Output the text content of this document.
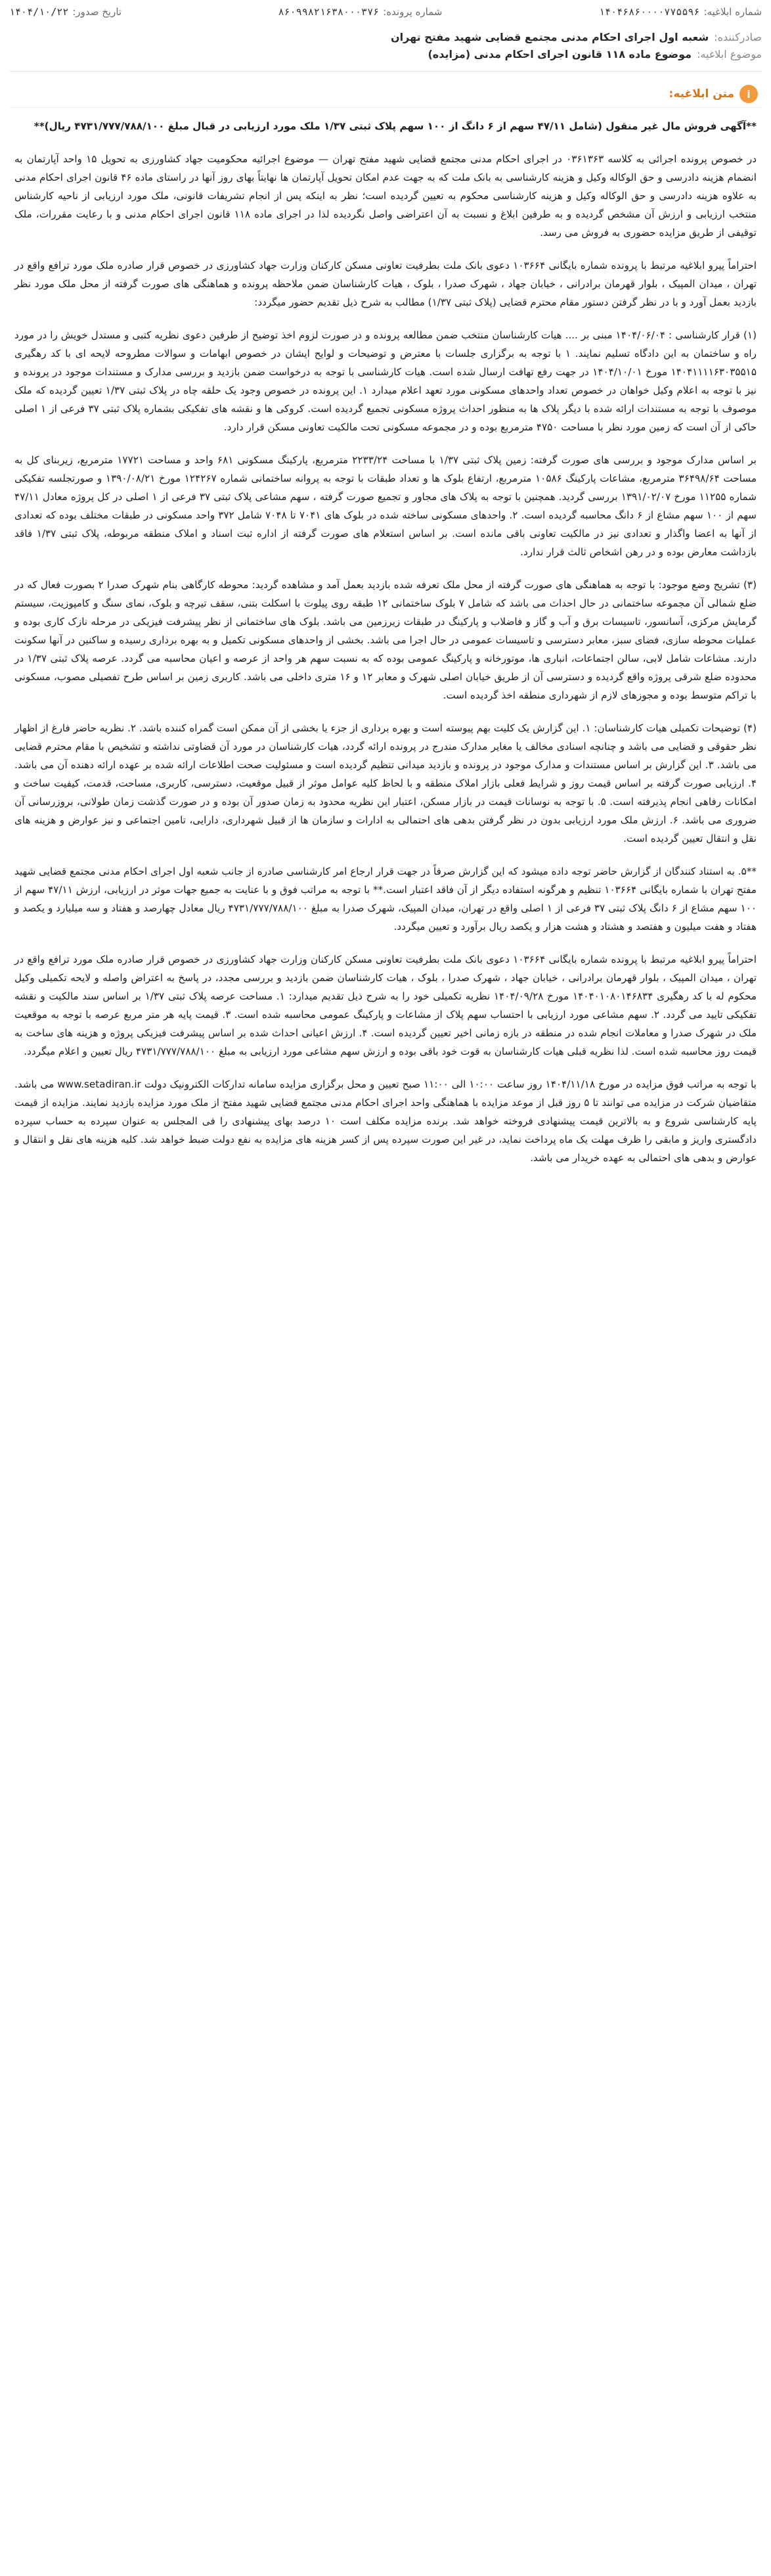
شماره ابلاغیه:
۱۴۰۴۶۸۶۰۰۰۰۷۷۵۵۹۶
شماره پرونده:
۸۶۰۹۹۸۲۱۶۳۸۰۰۰۳۷۶
تاریخ صدور:
۱۴۰۴/۱۰/۲۲
صادرکننده:
شعبه اول اجرای احکام مدنی مجتمع قضایی شهید مفتح تهران
موضوع ابلاغیه:
موضوع ماده ۱۱۸ قانون اجرای احکام مدنی (مزایده)
i
متن ابلاغیه:

**آگهی فروش مال غیر منقول (شامل ۴۷/۱۱ سهم از ۶ دانگ از ۱۰۰ سهم پلاک ثبتی ۱/۳۷ ملک مورد ارزیابی در قبال مبلغ ۴۷۳۱/۷۷۷/۷۸۸/۱۰۰ ریال)**

در خصوص پرونده اجرائی به کلاسه ۰۳۶۱۳۶۳ در اجرای احکام مدنی مجتمع قضایی شهید مفتح تهران — موضوع اجرائیه محکومیت جهاد کشاورزی به تحویل ۱۵ واحد آپارتمان به انضمام هزینه دادرسی و حق الوکاله وکیل و هزینه کارشناسی به بانک ملت که به جهت عدم امکان تحویل آپارتمان ها نهایتاً بهای روز آنها در راستای ماده ۴۶ قانون اجرای احکام مدنی به علاوه هزینه دادرسی و حق الوکاله وکیل و هزینه کارشناسی محکوم به تعیین گردیده است؛ نظر به اینکه پس از انجام تشریفات قانونی، ملک مورد ارزیابی از ناحیه کارشناس منتخب ارزیابی و ارزش آن مشخص گردیده و به طرفین ابلاغ و نسبت به آن اعتراضی واصل نگردیده لذا در اجرای ماده ۱۱۸ قانون اجرای احکام مدنی و با رعایت مقررات، ملک توقیفی از طریق مزایده حضوری به فروش می رسد.

احتراماً پیرو ابلاغیه مرتبط با پرونده شماره بایگانی ۱۰۳۶۶۴ دعوی بانک ملت بطرفیت تعاونی مسکن کارکنان وزارت جهاد کشاورزی در خصوص قرار صادره ملک مورد ترافع واقع در تهران ، میدان المپیک ، بلوار قهرمان برادرانی ، خیابان جهاد ، شهرک صدرا ، بلوک ، هیات کارشناسان ضمن ملاحظه پرونده و هماهنگی های صورت گرفته از محل ملک مورد نظر بازدید بعمل آورد و با در نظر گرفتن دستور مقام محترم قضایی (پلاک ثبتی ۱/۳۷) مطالب به شرح ذیل تقدیم حضور میگردد:

(۱) قرار کارشناسی : ۱۴۰۴/۰۶/۰۴ مبنی بر .... هیات کارشناسان منتخب ضمن مطالعه پرونده و در صورت لزوم اخذ توضیح از طرفین دعوی نظریه کتبی و مستدل خویش را در مورد راه و ساختمان به این دادگاه تسلیم نمایند. ۱ با توجه به برگزاری جلسات با معترض و توضیحات و لوایح ایشان در خصوص ابهامات و سوالات مطروحه لایحه ای با کد رهگیری ۱۴۰۴۱۱۱۱۶۳۰۳۵۵۱۵ مورخ ۱۴۰۴/۱۰/۰۱ در جهت رفع تهافت ارسال شده است. هیات کارشناسی با توجه به درخواست ضمن بازدید و بررسی مدارک و مستندات موجود در پرونده و نیز با توجه به اعلام وکیل خواهان در خصوص تعداد واحدهای مسکونی مورد تعهد اعلام میدارد ۱. این پرونده در خصوص وجود یک حلقه چاه در پلاک ثبتی ۱/۳۷ تعیین گردیده که ملک موصوف با توجه به مستندات ارائه شده با دیگر پلاک ها به منظور احداث پروژه مسکونی تجمیع گردیده است. کروکی ها و نقشه های تفکیکی بشماره پلاک ثبتی ۳۷ فرعی از ۱ اصلی حاکی از آن است که زمین مورد نظر با مساحت ۴۷۵۰ مترمربع بوده و در مجموعه مسکونی تحت مالکیت تعاونی مسکن قرار دارد.

بر اساس مدارک موجود و بررسی های صورت گرفته: زمین پلاک ثبتی ۱/۳۷ با مساحت ۲۲۳۳/۲۴ مترمربع، پارکینگ مسکونی ۶۸۱ واحد و مساحت ۱۷۷۲۱ مترمربع، زیربنای کل به مساحت ۳۶۴۹۸/۶۴ مترمربع، مشاعات پارکینگ ۱۰۵۸۶ مترمربع، ارتفاع بلوک ها و تعداد طبقات با توجه به پروانه ساختمانی شماره ۱۲۴۲۶۷ مورخ ۱۳۹۰/۰۸/۲۱ و صورتجلسه تفکیکی شماره ۱۱۲۵۵ مورخ ۱۳۹۱/۰۲/۰۷ بررسی گردید. همچنین با توجه به پلاک های مجاور و تجمیع صورت گرفته ، سهم مشاعی پلاک ثبتی ۳۷ فرعی از ۱ اصلی در کل پروژه معادل ۴۷/۱۱ سهم از ۱۰۰ سهم مشاع از ۶ دانگ محاسبه گردیده است. ۲. واحدهای مسکونی ساخته شده در بلوک های ۷۰۴۱ تا ۷۰۴۸ شامل ۳۷۲ واحد مسکونی در طبقات مختلف بوده که تعدادی از آنها به اعضا واگذار و تعدادی نیز در مالکیت تعاونی باقی مانده است. بر اساس استعلام های صورت گرفته از اداره ثبت اسناد و املاک منطقه مربوطه، پلاک ثبتی ۱/۳۷ فاقد بازداشت معارض بوده و در رهن اشخاص ثالث قرار ندارد.

(۳) تشریح وضع موجود: با توجه به هماهنگی های صورت گرفته از محل ملک تعرفه شده بازدید بعمل آمد و مشاهده گردید: محوطه کارگاهی بنام شهرک صدرا ۲ بصورت فعال که در ضلع شمالی آن مجموعه ساختمانی در حال احداث می باشد که شامل ۷ بلوک ساختمانی ۱۲ طبقه روی پیلوت با اسکلت بتنی، سقف تیرچه و بلوک، نمای سنگ و کامپوزیت، سیستم گرمایش مرکزی، آسانسور، تاسیسات برق و آب و گاز و فاضلاب و پارکینگ در طبقات زیرزمین می باشد. بلوک های ساختمانی از نظر پیشرفت فیزیکی در مرحله نازک کاری بوده و عملیات محوطه سازی، فضای سبز، معابر دسترسی و تاسیسات عمومی در حال اجرا می باشد. بخشی از واحدهای مسکونی تکمیل و به بهره برداری رسیده و ساکنین در آنها سکونت دارند. مشاعات شامل لابی، سالن اجتماعات، انباری ها، موتورخانه و پارکینگ عمومی بوده که به نسبت سهم هر واحد از عرصه و اعیان محاسبه می گردد. عرصه پلاک ثبتی ۱/۳۷ در محدوده ضلع شرقی پروژه واقع گردیده و دسترسی آن از طریق خیابان اصلی شهرک و معابر ۱۲ و ۱۶ متری داخلی می باشد. کاربری زمین بر اساس طرح تفصیلی مصوب، مسکونی با تراکم متوسط بوده و مجوزهای لازم از شهرداری منطقه اخذ گردیده است.

(۴) توضیحات تکمیلی هیات کارشناسان: ۱. این گزارش یک کلیت بهم پیوسته است و بهره برداری از جزء یا بخشی از آن ممکن است گمراه کننده باشد. ۲. نظریه حاضر فارغ از اظهار نظر حقوقی و قضایی می باشد و چنانچه اسنادی مخالف یا مغایر مدارک مندرج در پرونده ارائه گردد، هیات کارشناسان در مورد آن قضاوتی نداشته و تشخیص با مقام محترم قضایی می باشد. ۳. این گزارش بر اساس مستندات و مدارک موجود در پرونده و بازدید میدانی تنظیم گردیده است و مسئولیت صحت اطلاعات ارائه شده بر عهده ارائه دهنده آن می باشد. ۴. ارزیابی صورت گرفته بر اساس قیمت روز و شرایط فعلی بازار املاک منطقه و با لحاظ کلیه عوامل موثر از قبیل موقعیت، دسترسی، کاربری، مساحت، قدمت، کیفیت ساخت و امکانات رفاهی انجام پذیرفته است. ۵. با توجه به نوسانات قیمت در بازار مسکن، اعتبار این نظریه محدود به زمان صدور آن بوده و در صورت گذشت زمان طولانی، بروزرسانی آن ضروری می باشد. ۶. ارزش ملک مورد ارزیابی بدون در نظر گرفتن بدهی های احتمالی به ادارات و سازمان ها از قبیل شهرداری، دارایی، تامین اجتماعی و نیز عوارض و هزینه های نقل و انتقال تعیین گردیده است.

**۵. به استناد کنندگان از گزارش حاضر توجه داده میشود که این گزارش صرفاً در جهت قرار ارجاع امر کارشناسی صادره از جانب شعبه اول اجرای احکام مدنی مجتمع قضایی شهید مفتح تهران با شماره بایگانی ۱۰۳۶۶۴ تنظیم و هرگونه استفاده دیگر از آن فاقد اعتبار است.** با توجه به مراتب فوق و با عنایت به جمیع جهات موثر در ارزیابی، ارزش ۴۷/۱۱ سهم از ۱۰۰ سهم مشاع از ۶ دانگ پلاک ثبتی ۳۷ فرعی از ۱ اصلی واقع در تهران، میدان المپیک، شهرک صدرا به مبلغ ۴۷۳۱/۷۷۷/۷۸۸/۱۰۰ ریال معادل چهارصد و هفتاد و سه میلیارد و یکصد و هفتاد و هفت میلیون و هفتصد و هشتاد و هشت هزار و یکصد ریال برآورد و تعیین میگردد.

احتراماً پیرو ابلاغیه مرتبط با پرونده شماره بایگانی ۱۰۳۶۶۴ دعوی بانک ملت بطرفیت تعاونی مسکن کارکنان وزارت جهاد کشاورزی در خصوص قرار صادره ملک مورد ترافع واقع در تهران ، میدان المپیک ، بلوار قهرمان برادرانی ، خیابان جهاد ، شهرک صدرا ، بلوک ، هیات کارشناسان ضمن بازدید و بررسی مجدد، در پاسخ به اعتراض واصله و لایحه تکمیلی وکیل محکوم له با کد رهگیری ۱۴۰۴۰۱۰۸۰۱۴۶۸۳۴ مورخ ۱۴۰۴/۰۹/۲۸ نظریه تکمیلی خود را به شرح ذیل تقدیم میدارد: ۱. مساحت عرصه پلاک ثبتی ۱/۳۷ بر اساس سند مالکیت و نقشه تفکیکی تایید می گردد. ۲. سهم مشاعی مورد ارزیابی با احتساب سهم پلاک از مشاعات و پارکینگ عمومی محاسبه شده است. ۳. قیمت پایه هر متر مربع عرصه با توجه به موقعیت ملک در شهرک صدرا و معاملات انجام شده در منطقه در بازه زمانی اخیر تعیین گردیده است. ۴. ارزش اعیانی احداث شده بر اساس پیشرفت فیزیکی پروژه و هزینه های ساخت به قیمت روز محاسبه شده است. لذا نظریه قبلی هیات کارشناسان به قوت خود باقی بوده و ارزش سهم مشاعی مورد ارزیابی به مبلغ ۴۷۳۱/۷۷۷/۷۸۸/۱۰۰ ریال تعیین و اعلام میگردد.

با توجه به مراتب فوق مزایده در مورخ ۱۴۰۴/۱۱/۱۸ روز ساعت ۱۰:۰۰ الی ۱۱:۰۰ صبح تعیین و محل برگزاری مزایده سامانه تدارکات الکترونیک دولت www.setadiran.ir می باشد. متقاضیان شرکت در مزایده می توانند تا ۵ روز قبل از موعد مزایده با هماهنگی واحد اجرای احکام مدنی مجتمع قضایی شهید مفتح از ملک مورد مزایده بازدید نمایند. مزایده از قیمت پایه کارشناسی شروع و به بالاترین قیمت پیشنهادی فروخته خواهد شد. برنده مزایده مکلف است ۱۰ درصد بهای پیشنهادی را فی المجلس به عنوان سپرده به حساب سپرده دادگستری واریز و مابقی را ظرف مهلت یک ماه پرداخت نماید، در غیر این صورت سپرده پس از کسر هزینه های مزایده به نفع دولت ضبط خواهد شد. کلیه هزینه های نقل و انتقال و عوارض و بدهی های احتمالی به عهده خریدار می باشد.
